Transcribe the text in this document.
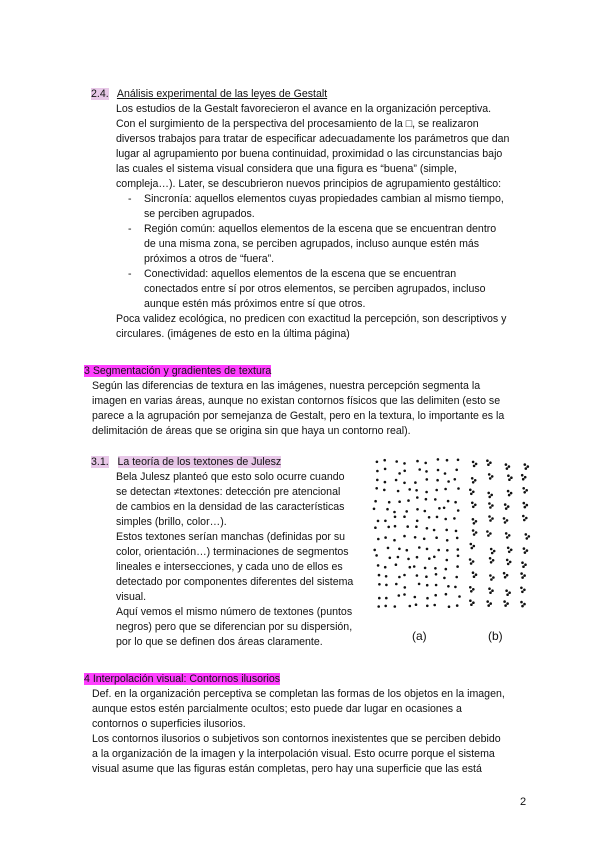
2.4. Análisis experimental de las leyes de Gestalt
Los estudios de la Gestalt favorecieron el avance en la organización perceptiva.
Con el surgimiento de la perspectiva del procesamiento de la □, se realizaron
diversos trabajos para tratar de especificar adecuadamente los parámetros que dan
lugar al agrupamiento por buena continuidad, proximidad o las circunstancias bajo
las cuales el sistema visual considera que una figura es “buena” (simple,
compleja…). Later, se descubrieron nuevos principios de agrupamiento gestáltico:
- Sincronía: aquellos elementos cuyas propiedades cambian al mismo tiempo,
se perciben agrupados.
- Región común: aquellos elementos de la escena que se encuentran dentro
de una misma zona, se perciben agrupados, incluso aunque estén más
próximos a otros de “fuera”.
- Conectividad: aquellos elementos de la escena que se encuentran
conectados entre sí por otros elementos, se perciben agrupados, incluso
aunque estén más próximos entre sí que otros.
Poca validez ecológica, no predicen con exactitud la percepción, son descriptivos y
circulares. (imágenes de esto en la última página)
3 Segmentación y gradientes de textura
Según las diferencias de textura en las imágenes, nuestra percepción segmenta la
imagen en varias áreas, aunque no existan contornos físicos que las delimiten (esto se
parece a la agrupación por semejanza de Gestalt, pero en la textura, lo importante es la
delimitación de áreas que se origina sin que haya un contorno real).
3.1. La teoría de los textones de Julesz
Bela Julesz planteó que esto solo ocurre cuando
se detectan ≠textones: detección pre atencional
de cambios en la densidad de las características
simples (brillo, color…).
Estos textones serían manchas (definidas por su
color, orientación…) terminaciones de segmentos
lineales e intersecciones, y cada uno de ellos es
detectado por componentes diferentes del sistema
visual.
Aquí vemos el mismo número de textones (puntos
negros) pero que se diferencian por su dispersión,
por lo que se definen dos áreas claramente.	(a)	(b)
4 Interpolación visual: Contornos ilusorios
Def. en la organización perceptiva se completan las formas de los objetos en la imagen,
aunque estos estén parcialmente ocultos; esto puede dar lugar en ocasiones a
contornos o superficies ilusorios.
Los contornos ilusorios o subjetivos son contornos inexistentes que se perciben debido
a la organización de la imagen y la interpolación visual. Esto ocurre porque el sistema
visual asume que las figuras están completas, pero hay una superficie que las está
2
